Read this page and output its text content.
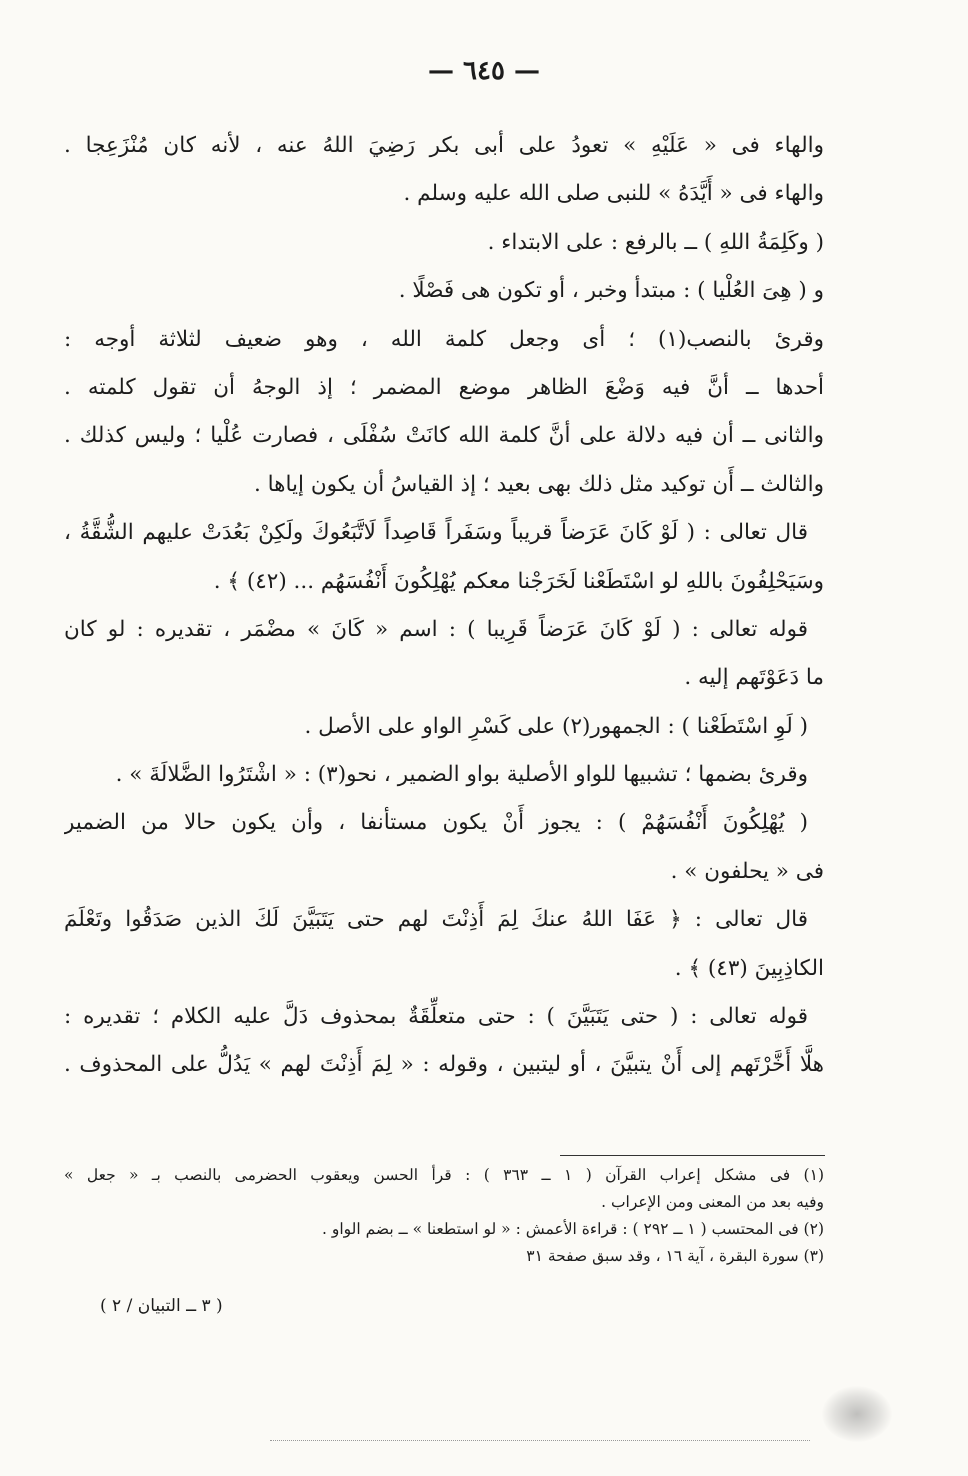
— ٦٤٥ —

والهاء فى « عَلَيْهِ » تعودُ على أبى بكر رَضِيَ اللهُ عنه ، لأنه كان مُنْزَعِجا .

والهاء فى « أَيَّدَهُ » للنبى صلى الله عليه وسلم .

( وكَلِمَةُ اللهِ ) ــ بالرفع : على الابتداء .

و ( هِىَ العُلْيا ) : مبتدأ وخبر ، أو تكون هى فَصْلًا .

وقرئ بالنصب(١) ؛ أى وجعل كلمة الله ، وهو ضعيف لثلاثة أوجه :

أحدها ــ أنَّ فيه وَضْعَ الظاهر موضع المضمر ؛ إذ الوجهُ أن تقول كلمته .

والثانى ــ أن فيه دلالة على أنَّ كلمة الله كانَتْ سُفْلَى ، فصارت عُلْيا ؛ وليس كذلك .

والثالث ــ أَن توكيد مثل ذلك بهى بعيد ؛ إذ القياسُ أن يكون إياها .

قال تعالى : ( لَوْ كَانَ عَرَضاً قريباً وسَفَراً قَاصِداً لَاتَّبَعُوكَ ولَكِنْ بَعُدَتْ عليهم الشُّقَّةُ ،

وسَيَحْلِفُونَ باللهِ لو اسْتَطَعْنا لَخَرَجْنا معكم يُهْلِكُونَ أَنْفُسَهُم ... (٤٢) ﴾ .

قوله تعالى : ( لَوْ كَانَ عَرَضاً قَرِيبا ) : اسم « كَانَ » مضْمَر ، تقديره : لو كان

ما دَعَوْتَهم إليه .

( لَوِ اسْتَطَعْنا ) : الجمهور(٢) على كَسْرِ الواو على الأصل .

وقرئ بضمها ؛ تشبيها للواو الأصلية بواو الضمير ، نحو(٣) : « اشْتَرُوا الضَّلالَةَ » .

( يُهْلِكُونَ أَنْفُسَهُمْ ) : يجوز أَنْ يكون مستأنفا ، وأن يكون حالا من الضمير

فى « يحلفون » .

قال تعالى : ﴿ عَفَا اللهُ عنكَ لِمَ أَذِنْتَ لهم حتى يَتَبَيَّنَ لَكَ الذين صَدَقُوا وتَعْلَمَ

الكاذِبِينَ (٤٣) ﴾ .

قوله تعالى : ( حتى يَتَبَيَّنَ ) : حتى متعلِّقَةٌ بمحذوف دَلَّ عليه الكلام ؛ تقديره :

هلَّا أَخَّرْتَهم إلى أَنْ يتبيَّنَ ، أو ليتبين ، وقوله : « لِمَ أَذِنْتَ لهم » يَدُلُّ على المحذوف .

(١) فى مشكل إعراب القرآن ( ١ ــ ٣٦٣ ) : قرأ الحسن ويعقوب الحضرمى بالنصب بـ « جعل »

وفيه بعد من المعنى ومن الإعراب .

(٢) فى المحتسب ( ١ ــ ٢٩٢ ) : قراءة الأعمش : « لو استطعنا » ــ بضم الواو .

(٣) سورة البقرة ، آية ١٦ ، وقد سبق صفحة ٣١

( ٣ ــ التبيان / ٢ )
